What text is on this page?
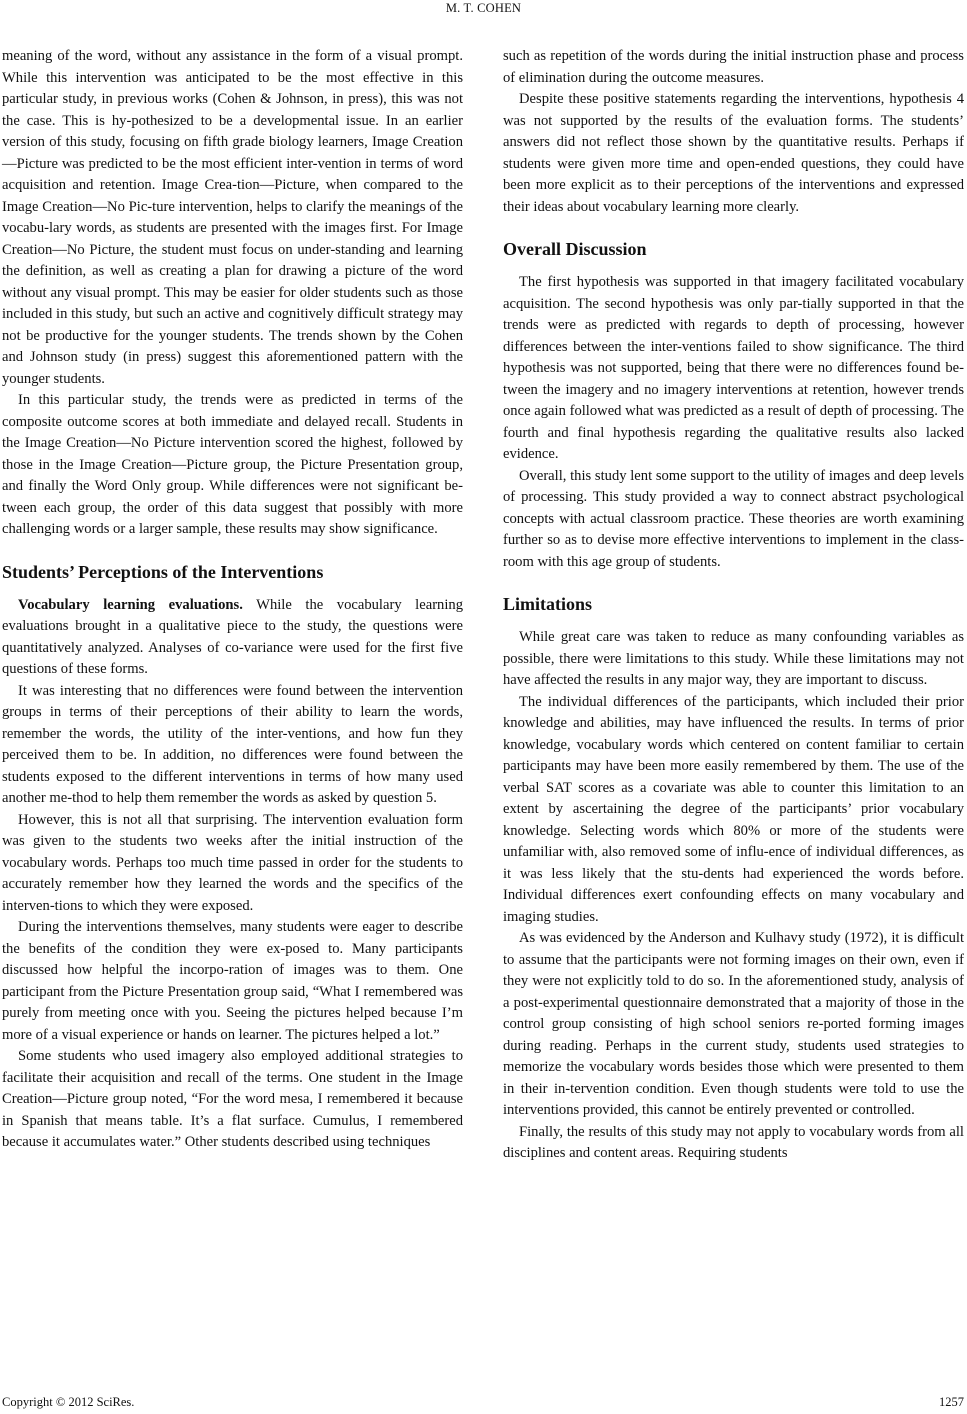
M. T. COHEN

meaning of the word, without any assistance in the form of a visual prompt. While this intervention was anticipated to be the most effective in this particular study, in previous works (Cohen & Johnson, in press), this was not the case. This is hy-pothesized to be a developmental issue. In an earlier version of this study, focusing on fifth grade biology learners, Image Creation—Picture was predicted to be the most efficient inter-vention in terms of word acquisition and retention. Image Crea-tion—Picture, when compared to the Image Creation—No Pic-ture intervention, helps to clarify the meanings of the vocabu-lary words, as students are presented with the images first. For Image Creation—No Picture, the student must focus on under-standing and learning the definition, as well as creating a plan for drawing a picture of the word without any visual prompt. This may be easier for older students such as those included in this study, but such an active and cognitively difficult strategy may not be productive for the younger students. The trends shown by the Cohen and Johnson study (in press) suggest this aforementioned pattern with the younger students.

In this particular study, the trends were as predicted in terms of the composite outcome scores at both immediate and delayed recall. Students in the Image Creation—No Picture intervention scored the highest, followed by those in the Image Creation—Picture group, the Picture Presentation group, and finally the Word Only group. While differences were not significant be-tween each group, the order of this data suggest that possibly with more challenging words or a larger sample, these results may show significance.

Students’ Perceptions of the Interventions

Vocabulary learning evaluations. While the vocabulary learning evaluations brought in a qualitative piece to the study, the questions were quantitatively analyzed. Analyses of co-variance were used for the first five questions of these forms.

It was interesting that no differences were found between the intervention groups in terms of their perceptions of their ability to learn the words, remember the words, the utility of the inter-ventions, and how fun they perceived them to be. In addition, no differences were found between the students exposed to the different interventions in terms of how many used another me-thod to help them remember the words as asked by question 5.

However, this is not all that surprising. The intervention evaluation form was given to the students two weeks after the initial instruction of the vocabulary words. Perhaps too much time passed in order for the students to accurately remember how they learned the words and the specifics of the interven-tions to which they were exposed.

During the interventions themselves, many students were eager to describe the benefits of the condition they were ex-posed to. Many participants discussed how helpful the incorpo-ration of images was to them. One participant from the Picture Presentation group said, “What I remembered was purely from meeting once with you. Seeing the pictures helped because I’m more of a visual experience or hands on learner. The pictures helped a lot.”

Some students who used imagery also employed additional strategies to facilitate their acquisition and recall of the terms. One student in the Image Creation—Picture group noted, “For the word mesa, I remembered it because in Spanish that means table. It’s a flat surface. Cumulus, I remembered because it accumulates water.” Other students described using techniques

such as repetition of the words during the initial instruction phase and process of elimination during the outcome measures.

Despite these positive statements regarding the interventions, hypothesis 4 was not supported by the results of the evaluation forms. The students’ answers did not reflect those shown by the quantitative results. Perhaps if students were given more time and open-ended questions, they could have been more explicit as to their perceptions of the interventions and expressed their ideas about vocabulary learning more clearly.

Overall Discussion

The first hypothesis was supported in that imagery facilitated vocabulary acquisition. The second hypothesis was only par-tially supported in that the trends were as predicted with regards to depth of processing, however differences between the inter-ventions failed to show significance. The third hypothesis was not supported, being that there were no differences found be-tween the imagery and no imagery interventions at retention, however trends once again followed what was predicted as a result of depth of processing. The fourth and final hypothesis regarding the qualitative results also lacked evidence.

Overall, this study lent some support to the utility of images and deep levels of processing. This study provided a way to connect abstract psychological concepts with actual classroom practice. These theories are worth examining further so as to devise more effective interventions to implement in the class-room with this age group of students.

Limitations

While great care was taken to reduce as many confounding variables as possible, there were limitations to this study. While these limitations may not have affected the results in any major way, they are important to discuss.

The individual differences of the participants, which included their prior knowledge and abilities, may have influenced the results. In terms of prior knowledge, vocabulary words which centered on content familiar to certain participants may have been more easily remembered by them. The use of the verbal SAT scores as a covariate was able to counter this limitation to an extent by ascertaining the degree of the participants’ prior vocabulary knowledge. Selecting words which 80% or more of the students were unfamiliar with, also removed some of influ-ence of individual differences, as it was less likely that the stu-dents had experienced the words before. Individual differences exert confounding effects on many vocabulary and imaging studies.

As was evidenced by the Anderson and Kulhavy study (1972), it is difficult to assume that the participants were not forming images on their own, even if they were not explicitly told to do so. In the aforementioned study, analysis of a post-experimental questionnaire demonstrated that a majority of those in the control group consisting of high school seniors re-ported forming images during reading. Perhaps in the current study, students used strategies to memorize the vocabulary words besides those which were presented to them in their in-tervention condition. Even though students were told to use the interventions provided, this cannot be entirely prevented or controlled.

Finally, the results of this study may not apply to vocabulary words from all disciplines and content areas. Requiring students

Copyright © 2012 SciRes.	1257
